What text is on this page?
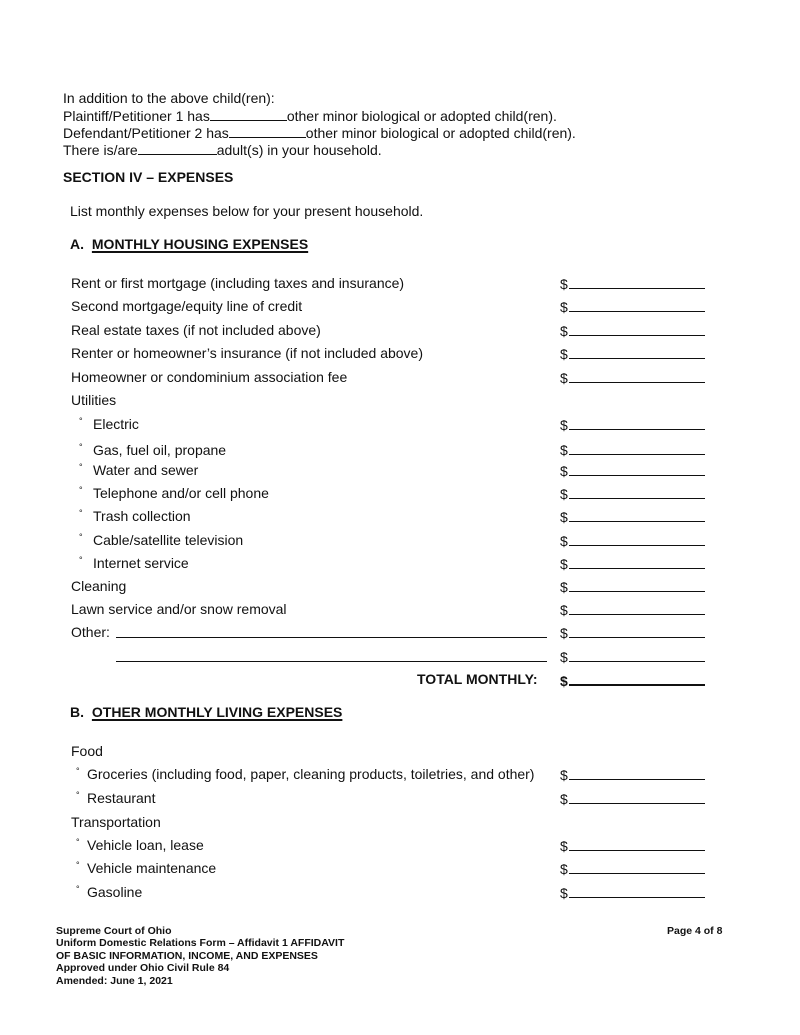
In addition to the above child(ren):
Plaintiff/Petitioner 1 has	other minor biological or adopted child(ren).
Defendant/Petitioner 2 has	other minor biological or adopted child(ren).
There is/are	adult(s) in your household.
SECTION IV – EXPENSES
List monthly expenses below for your present household.
A. MONTHLY HOUSING EXPENSES
Rent or first mortgage (including taxes and insurance)	$
Second mortgage/equity line of credit	$
Real estate taxes (if not included above)	$
Renter or homeowner’s insurance (if not included above)	$
Homeowner or condominium association fee	$
Utilities
° Electric	$
° Gas, fuel oil, propane	$
° Water and sewer	$
° Telephone and/or cell phone	$
° Trash collection	$
° Cable/satellite television	$
° Internet service	$
Cleaning	$
Lawn service and/or snow removal	$
Other:	$
$
TOTAL MONTHLY: $
B. OTHER MONTHLY LIVING EXPENSES
Food
° Groceries (including food, paper, cleaning products, toiletries, and other) $
° Restaurant	$
Transportation
° Vehicle loan, lease	$
° Vehicle maintenance	$
° Gasoline	$
Supreme Court of Ohio
Uniform Domestic Relations Form – Affidavit 1 AFFIDAVIT
OF BASIC INFORMATION, INCOME, AND EXPENSES
Approved under Ohio Civil Rule 84
Amended: June 1, 2021
Page 4 of 8
